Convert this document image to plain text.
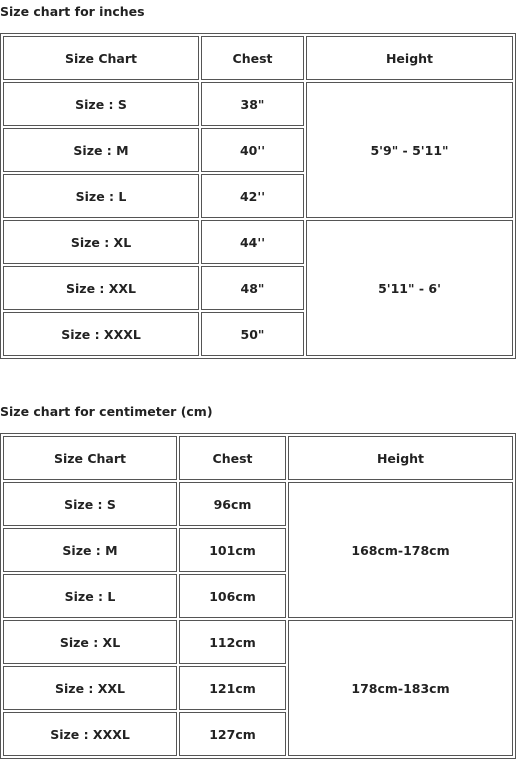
Size chart for inches
Size Chart	Chest	Height
Size : S	38"	5'9" - 5'11"
Size : M	40''	
Size : L	42''	
Size : XL	44''	5'11" - 6'
Size : XXL	48"	
Size : XXXL	50"	
Size chart for centimeter (cm)
Size Chart	Chest	Height
Size : S	96cm	168cm-178cm
Size : M	101cm	
Size : L	106cm	
Size : XL	112cm	178cm-183cm
Size : XXL	121cm	
Size : XXXL	127cm	
